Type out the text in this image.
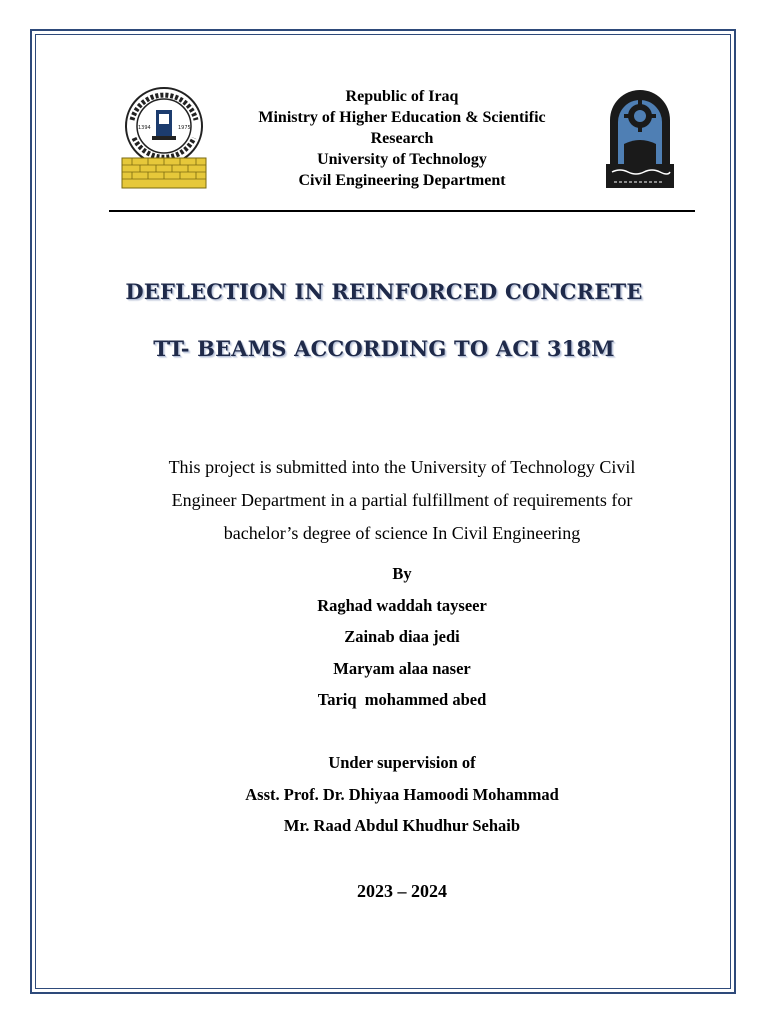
1394	1975
Republic of Iraq
Ministry of Higher Education & Scientific
Research
University of Technology
Civil Engineering Department
DEFLECTION IN REINFORCED CONCRETE
TT- BEAMS ACCORDING TO ACI 318M
This project is submitted into the University of Technology Civil
Engineer Department in a partial fulfillment of requirements for
bachelor’s degree of science In Civil Engineering
By
Raghad waddah tayseer
Zainab diaa jedi
Maryam alaa naser
Tariq  mohammed abed
Under supervision of
Asst. Prof. Dr. Dhiyaa Hamoodi Mohammad
Mr. Raad Abdul Khudhur Sehaib
2023 – 2024
